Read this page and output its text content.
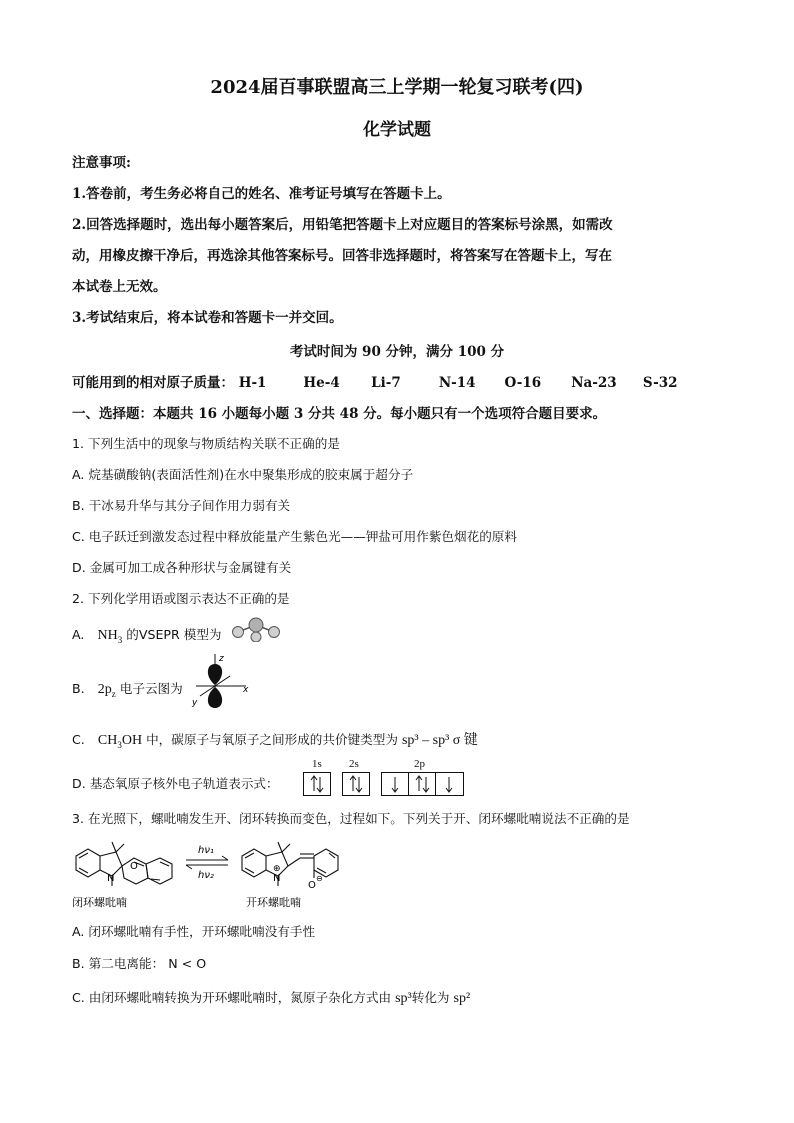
2024届百事联盟高三上学期一轮复习联考(四)
化学试题
注意事项:
1.答卷前，考生务必将自己的姓名、准考证号填写在答题卡上。
2.回答选择题时，选出每小题答案后，用铅笔把答题卡上对应题目的答案标号涂黑，如需改
动，用橡皮擦干净后，再选涂其他答案标号。回答非选择题时，将答案写在答题卡上，写在
本试卷上无效。
3.考试结束后，将本试卷和答题卡一并交回。
考试时间为 90 分钟，满分 100 分
可能用到的相对原子质量： H-1	He-4 Li-7	N-14 O-16 Na-23 S-32
一、选择题：本题共 16 小题每小题 3 分共 48 分。每小题只有一个选项符合题目要求。
1. 下列生活中的现象与物质结构关联不正确的是
A. 烷基磺酸钠(表面活性剂)在水中聚集形成的胶束属于超分子
B. 干冰易升华与其分子间作用力弱有关
C. 电子跃迁到激发态过程中释放能量产生紫色光——钾盐可用作紫色烟花的原料
D. 金属可加工成各种形状与金属键有关
2. 下列化学用语或图示表达不正确的是
A. $NH_3$ 的VSEPR 模型为
B. $2p_z$ 电子云图为
z
y
x
C. $CH_3OH$ 中，碳原子与氧原子之间形成的共价键类型为 sp³ – sp³ σ 键
D. 基态氧原子核外电子轨道表示式：
1s 2s	2p
3. 在光照下，螺吡喃发生开、闭环转换而变色，过程如下。下列关于开、闭环螺吡喃说法不正确的是
N
O
闭环螺吡喃
hν₁
hν₂	N
⊕
O
⊖
开环螺吡喃
A. 闭环螺吡喃有手性，开环螺吡喃没有手性
B. 第二电离能： N < O
C. 由闭环螺吡喃转换为开环螺吡喃时，氮原子杂化方式由 sp³转化为 sp²
